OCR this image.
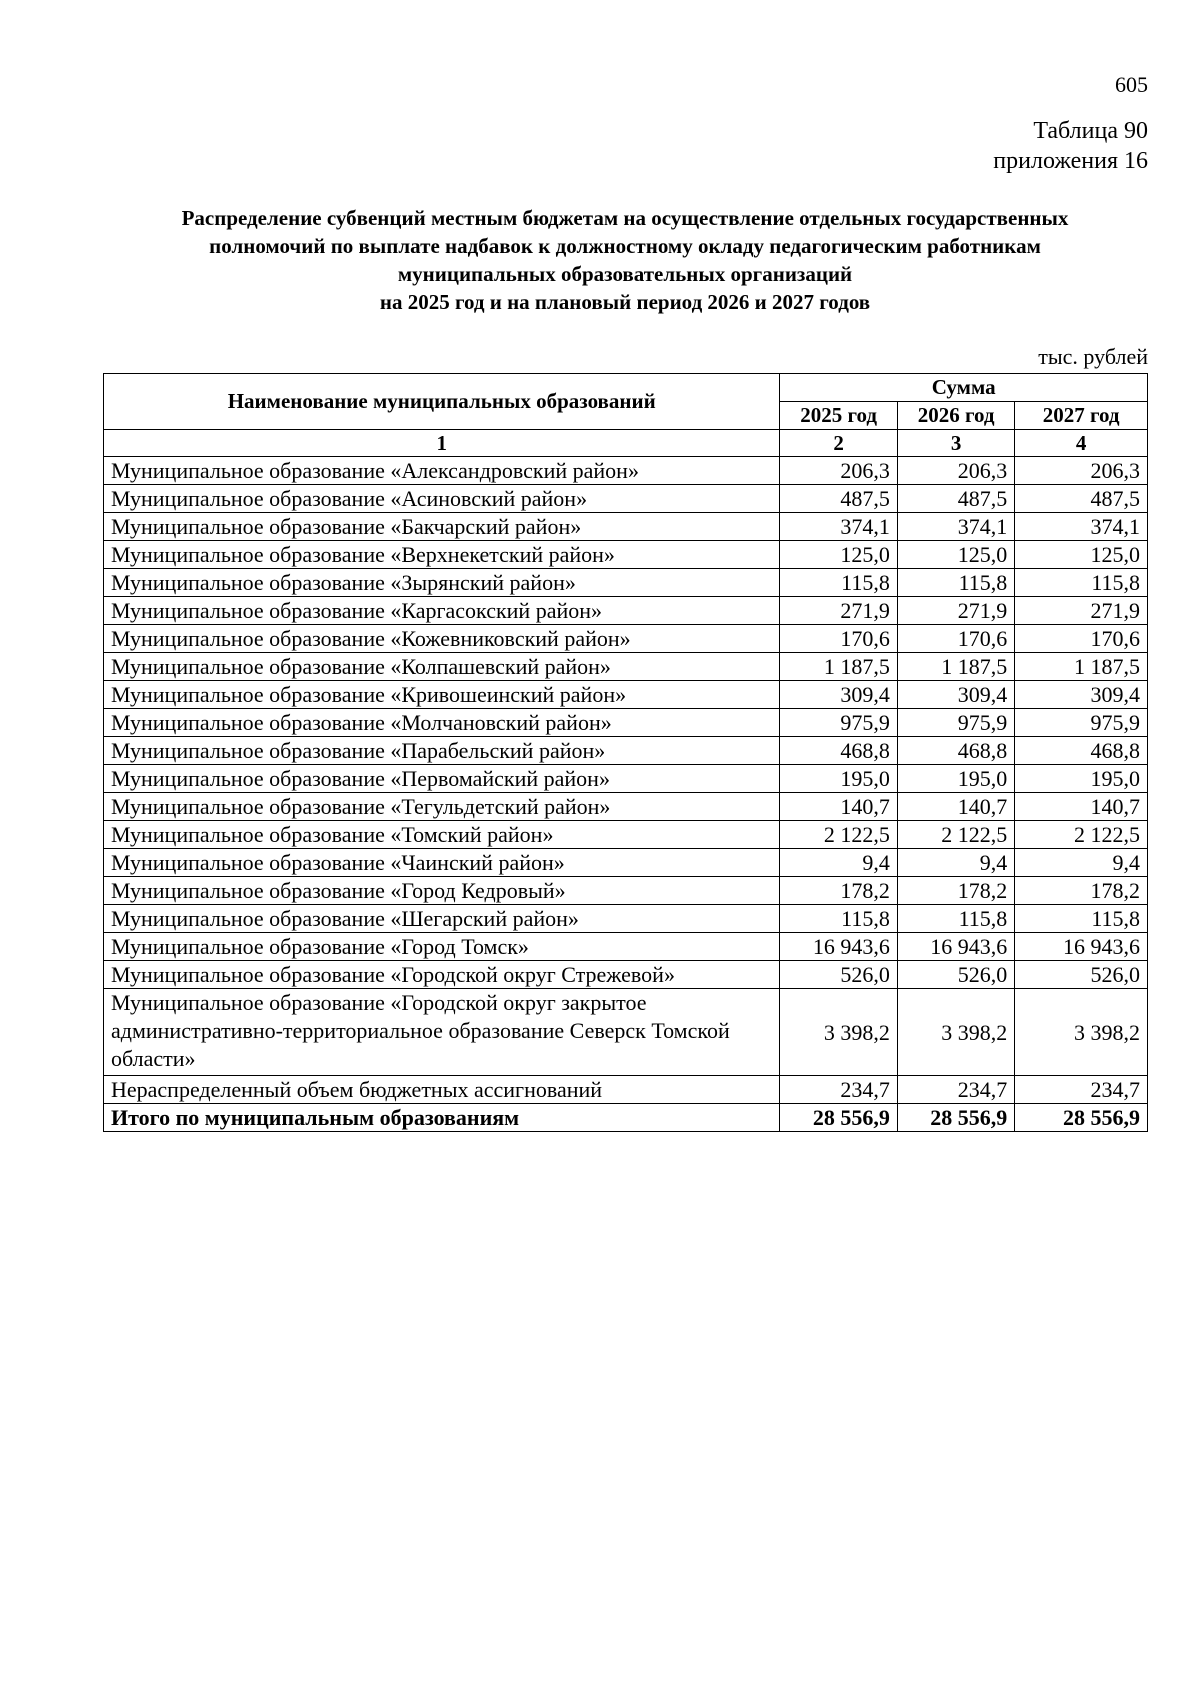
605
Таблица 90
приложения 16
Распределение субвенций местным бюджетам на осуществление отдельных государственных
полномочий по выплате надбавок к должностному окладу педагогическим работникам
муниципальных образовательных организаций
на 2025 год и на плановый период 2026 и 2027 годов
тыс. рублей
Наименование муниципальных образований	Сумма		
	2025 год	2026 год	2027 год
1	2	3	4
Муниципальное образование «Александровский район»	206,3	206,3	206,3
Муниципальное образование «Асиновский район»	487,5	487,5	487,5
Муниципальное образование «Бакчарский район»	374,1	374,1	374,1
Муниципальное образование «Верхнекетский район»	125,0	125,0	125,0
Муниципальное образование «Зырянский район»	115,8	115,8	115,8
Муниципальное образование «Каргасокский район»	271,9	271,9	271,9
Муниципальное образование «Кожевниковский район»	170,6	170,6	170,6
Муниципальное образование «Колпашевский район»	1 187,5	1 187,5	1 187,5
Муниципальное образование «Кривошеинский район»	309,4	309,4	309,4
Муниципальное образование «Молчановский район»	975,9	975,9	975,9
Муниципальное образование «Парабельский район»	468,8	468,8	468,8
Муниципальное образование «Первомайский район»	195,0	195,0	195,0
Муниципальное образование «Тегульдетский район»	140,7	140,7	140,7
Муниципальное образование «Томский район»	2 122,5	2 122,5	2 122,5
Муниципальное образование «Чаинский район»	9,4	9,4	9,4
Муниципальное образование «Город Кедровый»	178,2	178,2	178,2
Муниципальное образование «Шегарский район»	115,8	115,8	115,8
Муниципальное образование «Город Томск»	16 943,6	16 943,6	16 943,6
Муниципальное образование «Городской округ Стрежевой»	526,0	526,0	526,0
Муниципальное образование «Городской округ закрытое административно-территориальное образование Северск Томской области»	3 398,2	3 398,2	3 398,2
Нераспределенный объем бюджетных ассигнований	234,7	234,7	234,7
Итого по муниципальным образованиям	28 556,9	28 556,9	28 556,9
